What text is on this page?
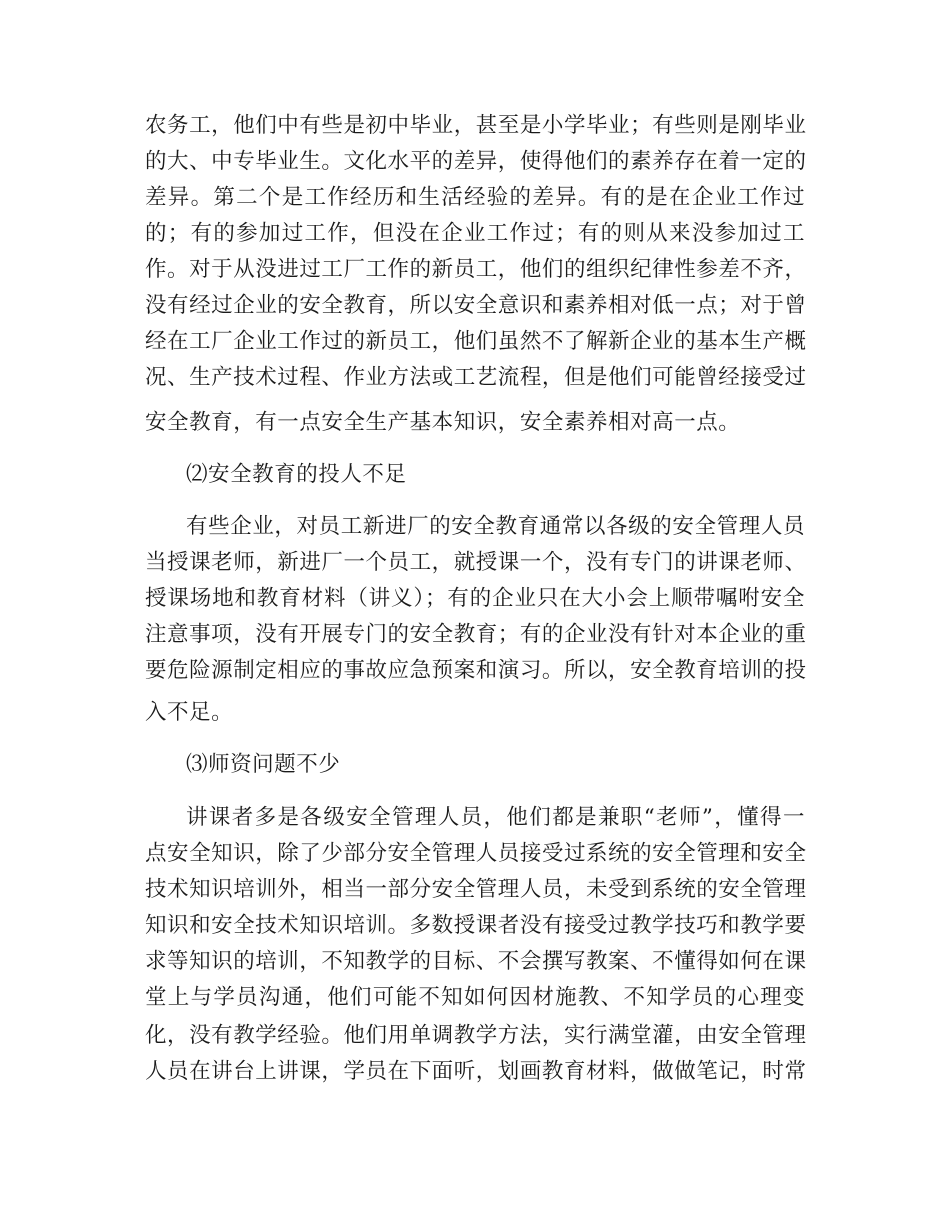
农务工，他们中有些是初中毕业，甚至是小学毕业；有些则是刚毕业
的大、中专毕业生。文化水平的差异，使得他们的素养存在着一定的
差异。第二个是工作经历和生活经验的差异。有的是在企业工作过
的；有的参加过工作，但没在企业工作过；有的则从来没参加过工
作。对于从没进过工厂工作的新员工，他们的组织纪律性参差不齐，
没有经过企业的安全教育，所以安全意识和素养相对低一点；对于曾
经在工厂企业工作过的新员工，他们虽然不了解新企业的基本生产概
况、生产技术过程、作业方法或工艺流程，但是他们可能曾经接受过
安全教育，有一点安全生产基本知识，安全素养相对高一点。
⑵安全教育的投人不足
有些企业，对员工新进厂的安全教育通常以各级的安全管理人员
当授课老师，新进厂一个员工，就授课一个，没有专门的讲课老师、
授课场地和教育材料（讲义）；有的企业只在大小会上顺带嘱咐安全
注意事项，没有开展专门的安全教育；有的企业没有针对本企业的重
要危险源制定相应的事故应急预案和演习。所以，安全教育培训的投
入不足。
⑶师资问题不少
讲课者多是各级安全管理人员，他们都是兼职“老师”，懂得一
点安全知识，除了少部分安全管理人员接受过系统的安全管理和安全
技术知识培训外，相当一部分安全管理人员，未受到系统的安全管理
知识和安全技术知识培训。多数授课者没有接受过教学技巧和教学要
求等知识的培训，不知教学的目标、不会撰写教案、不懂得如何在课
堂上与学员沟通，他们可能不知如何因材施教、不知学员的心理变
化，没有教学经验。他们用单调教学方法，实行满堂灌，由安全管理
人员在讲台上讲课，学员在下面听，划画教育材料，做做笔记，时常
